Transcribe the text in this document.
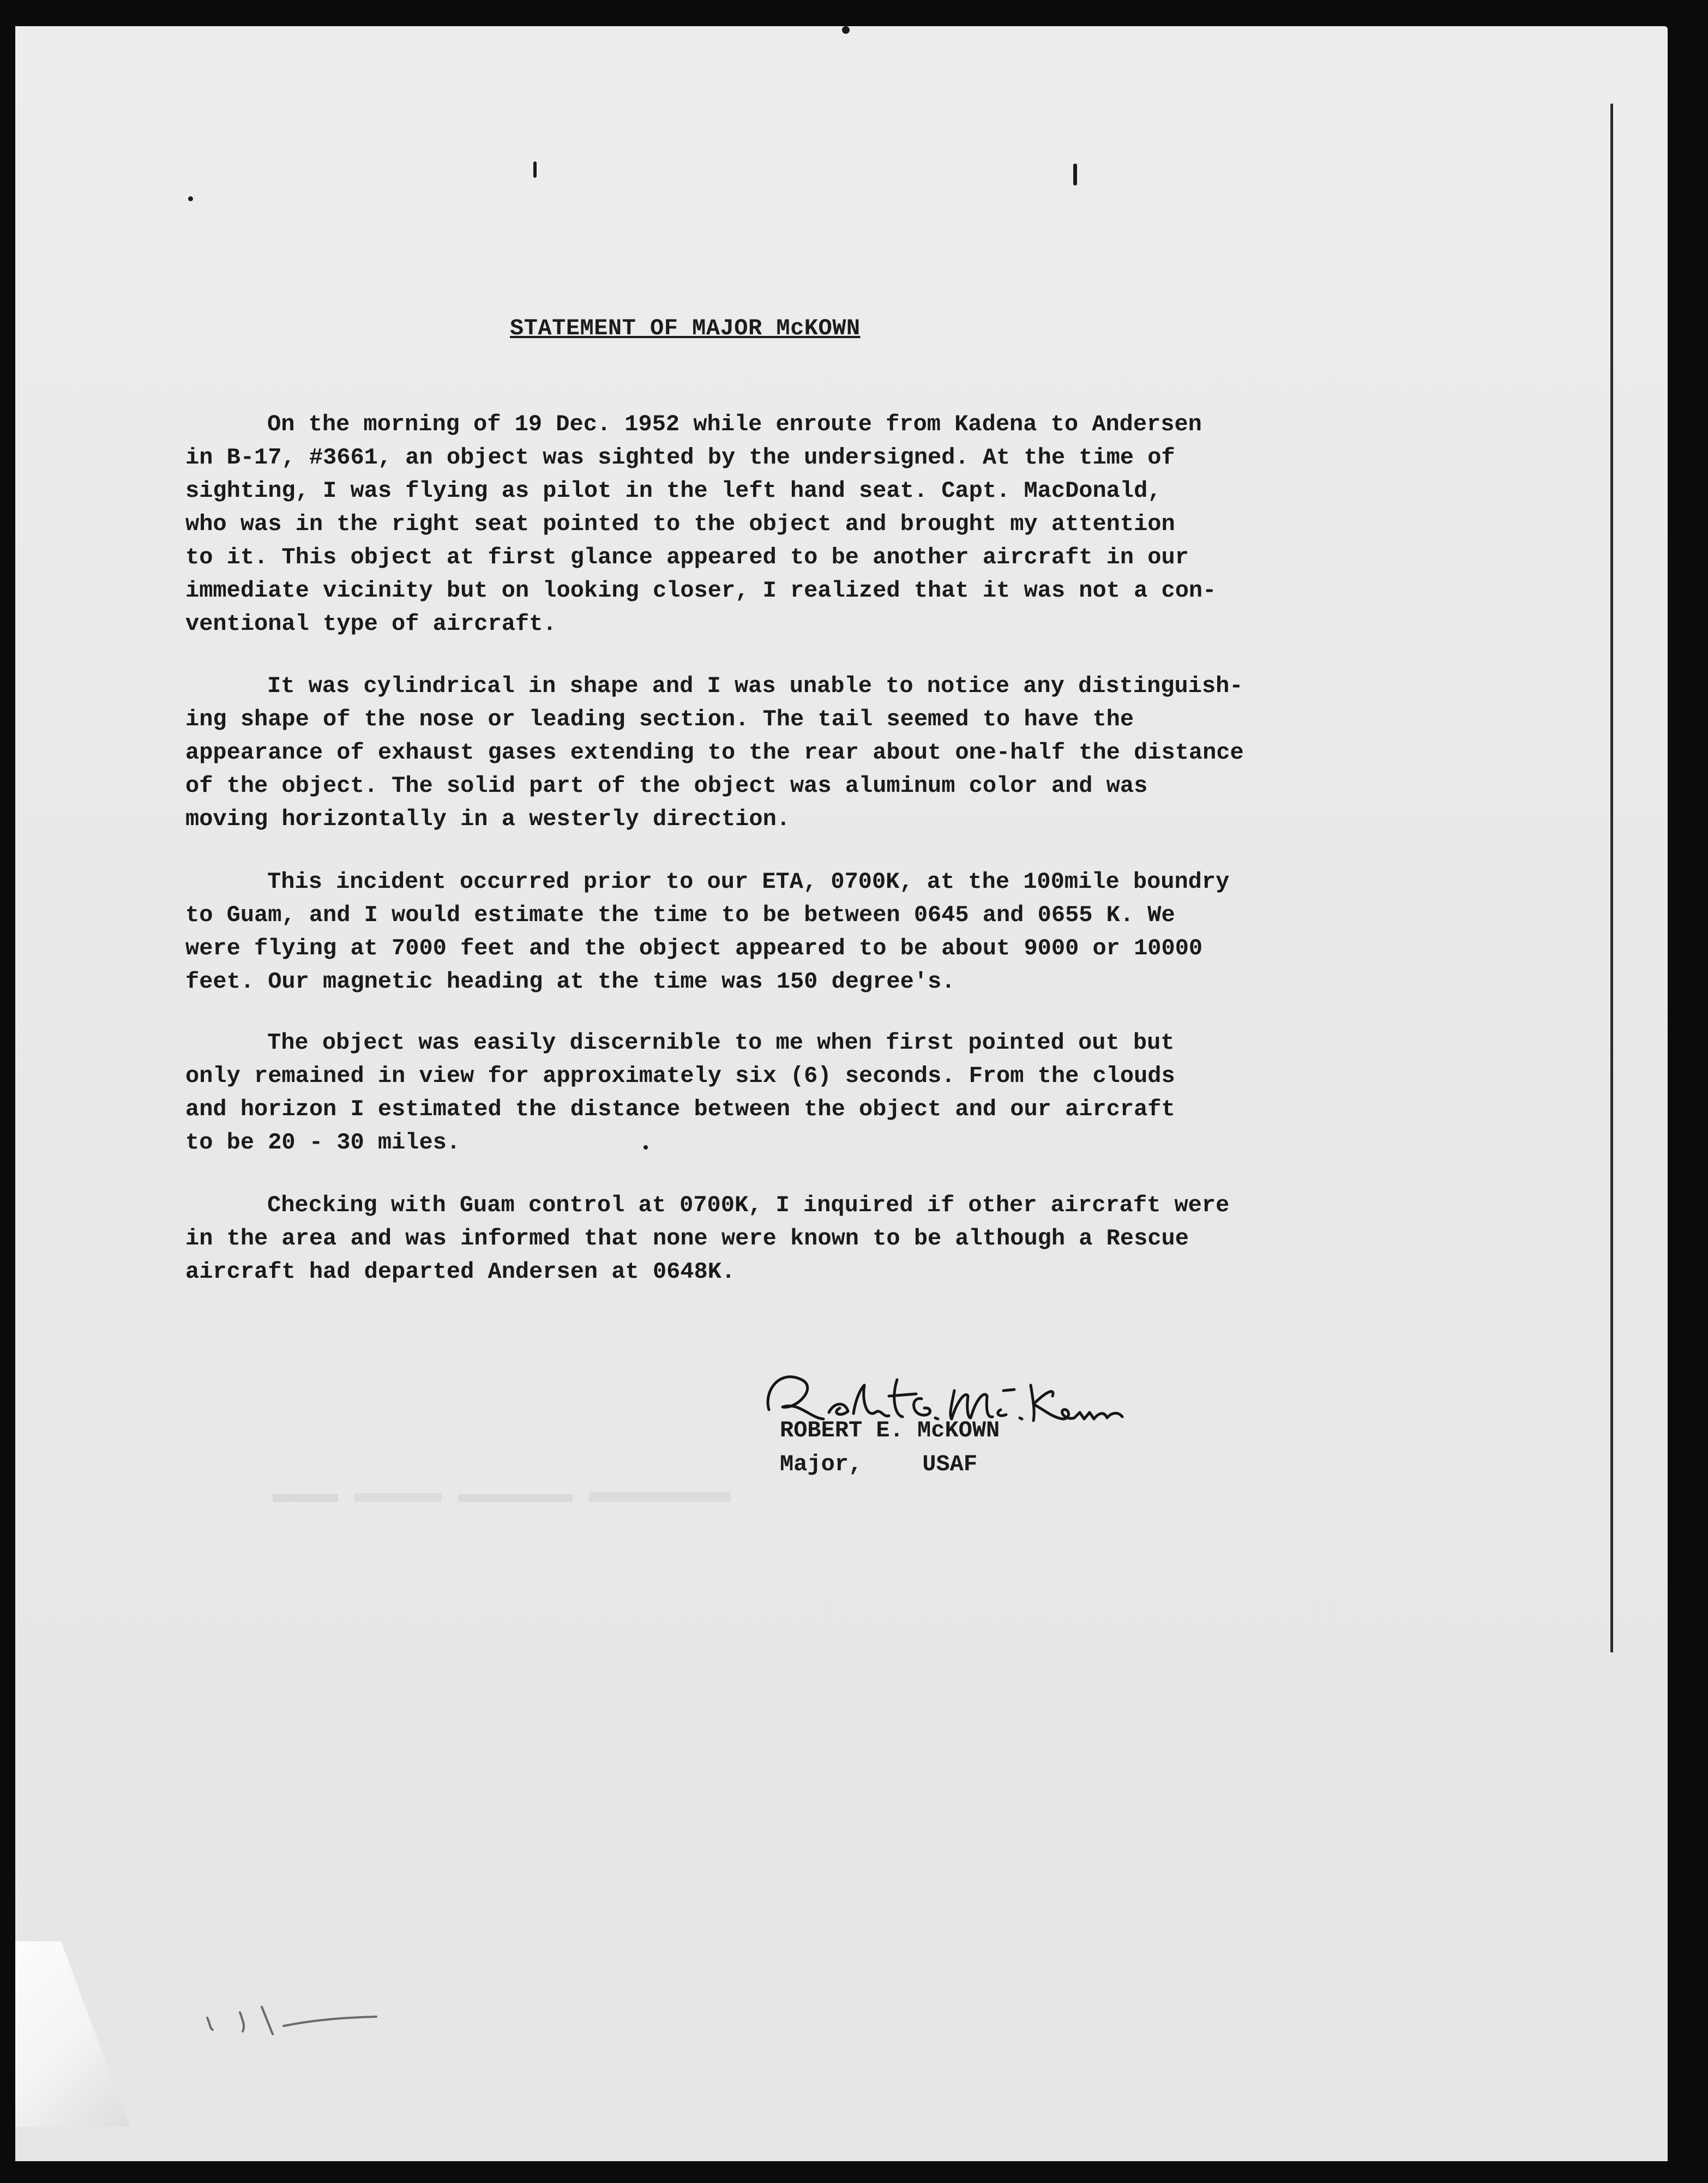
STATEMENT OF MAJOR McKOWN
On the morning of 19 Dec. 1952 while enroute from Kadena to Andersen
in B-17, #3661, an object was sighted by the undersigned. At the time of
sighting, I was flying as pilot in the left hand seat. Capt. MacDonald,
who was in the right seat pointed to the object and brought my attention
to it. This object at first glance appeared to be another aircraft in our
immediate vicinity but on looking closer, I realized that it was not a con-
ventional type of aircraft.
It was cylindrical in shape and I was unable to notice any distinguish-
ing shape of the nose or leading section. The tail seemed to have the
appearance of exhaust gases extending to the rear about one-half the distance
of the object. The solid part of the object was aluminum color and was
moving horizontally in a westerly direction.
This incident occurred prior to our ETA, 0700K, at the 100mile boundry
to Guam, and I would estimate the time to be between 0645 and 0655 K. We
were flying at 7000 feet and the object appeared to be about 9000 or 10000
feet. Our magnetic heading at the time was 150 degree's.
The object was easily discernible to me when first pointed out but
only remained in view for approximately six (6) seconds. From the clouds
and horizon I estimated the distance between the object and our aircraft
to be 20 - 30 miles.
Checking with Guam control at 0700K, I inquired if other aircraft were
in the area and was informed that none were known to be although a Rescue
aircraft had departed Andersen at 0648K.
ROBERT E. McKOWN
Major,	USAF
